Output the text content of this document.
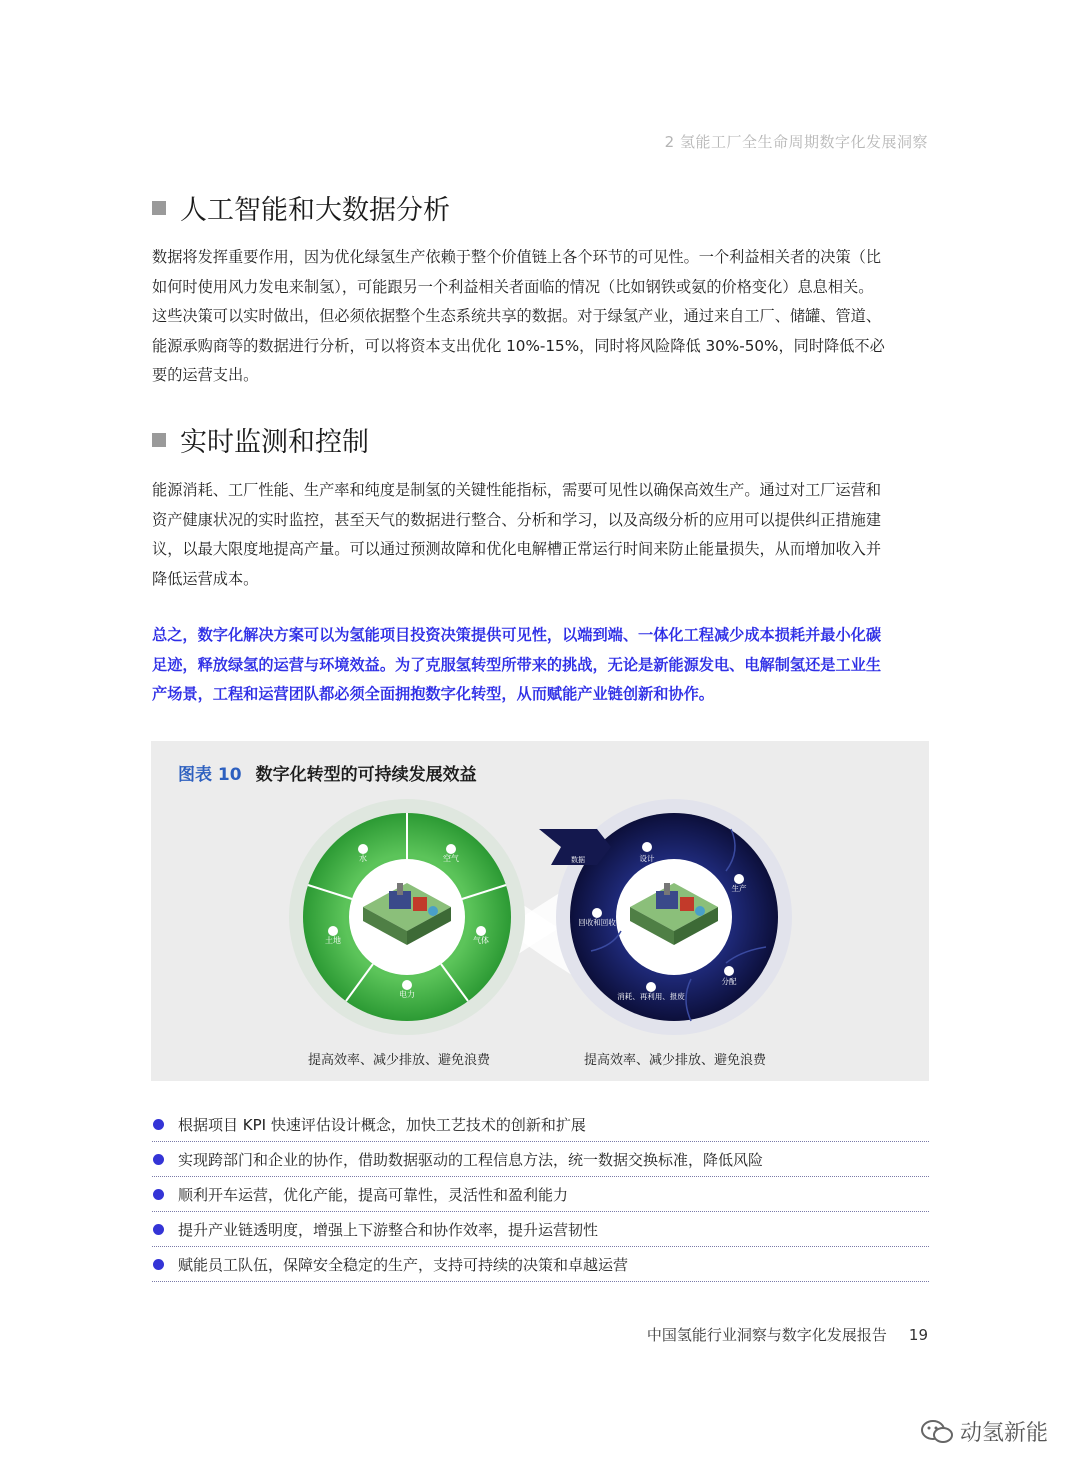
2 氢能工厂全生命周期数字化发展洞察
人工智能和大数据分析
数据将发挥重要作用，因为优化绿氢生产依赖于整个价值链上各个环节的可见性。一个利益相关者的决策（比
如何时使用风力发电来制氢），可能跟另一个利益相关者面临的情况（比如钢铁或氨的价格变化）息息相关。
这些决策可以实时做出，但必须依据整个生态系统共享的数据。对于绿氢产业，通过来自工厂、储罐、管道、
能源承购商等的数据进行分析，可以将资本支出优化 10%-15%，同时将风险降低 30%-50%，同时降低不必
要的运营支出。
实时监测和控制
能源消耗、工厂性能、生产率和纯度是制氢的关键性能指标，需要可见性以确保高效生产。通过对工厂运营和
资产健康状况的实时监控，甚至天气的数据进行整合、分析和学习，以及高级分析的应用可以提供纠正措施建
议，以最大限度地提高产量。可以通过预测故障和优化电解槽正常运行时间来防止能量损失，从而增加收入并
降低运营成本。
总之，数字化解决方案可以为氢能项目投资决策提供可见性，以端到端、一体化工程减少成本损耗并最小化碳
足迹，释放绿氢的运营与环境效益。为了克服氢转型所带来的挑战，无论是新能源发电、电解制氢还是工业生
产场景，工程和运营团队都必须全面拥抱数字化转型，从而赋能产业链创新和协作。
图表 10 数字化转型的可持续发展效益
水	空气
气体
电力
土地
数据	设计
生产
分配
消耗、再利用、报废
回收和回收
提高效率、减少排放、避免浪费	提高效率、减少排放、避免浪费
根据项目 KPI 快速评估设计概念，加快工艺技术的创新和扩展
实现跨部门和企业的协作，借助数据驱动的工程信息方法，统一数据交换标准，降低风险
顺利开车运营，优化产能，提高可靠性，灵活性和盈利能力
提升产业链透明度，增强上下游整合和协作效率，提升运营韧性
赋能员工队伍，保障安全稳定的生产，支持可持续的决策和卓越运营
中国氢能行业洞察与数字化发展报告 19
动氢新能
